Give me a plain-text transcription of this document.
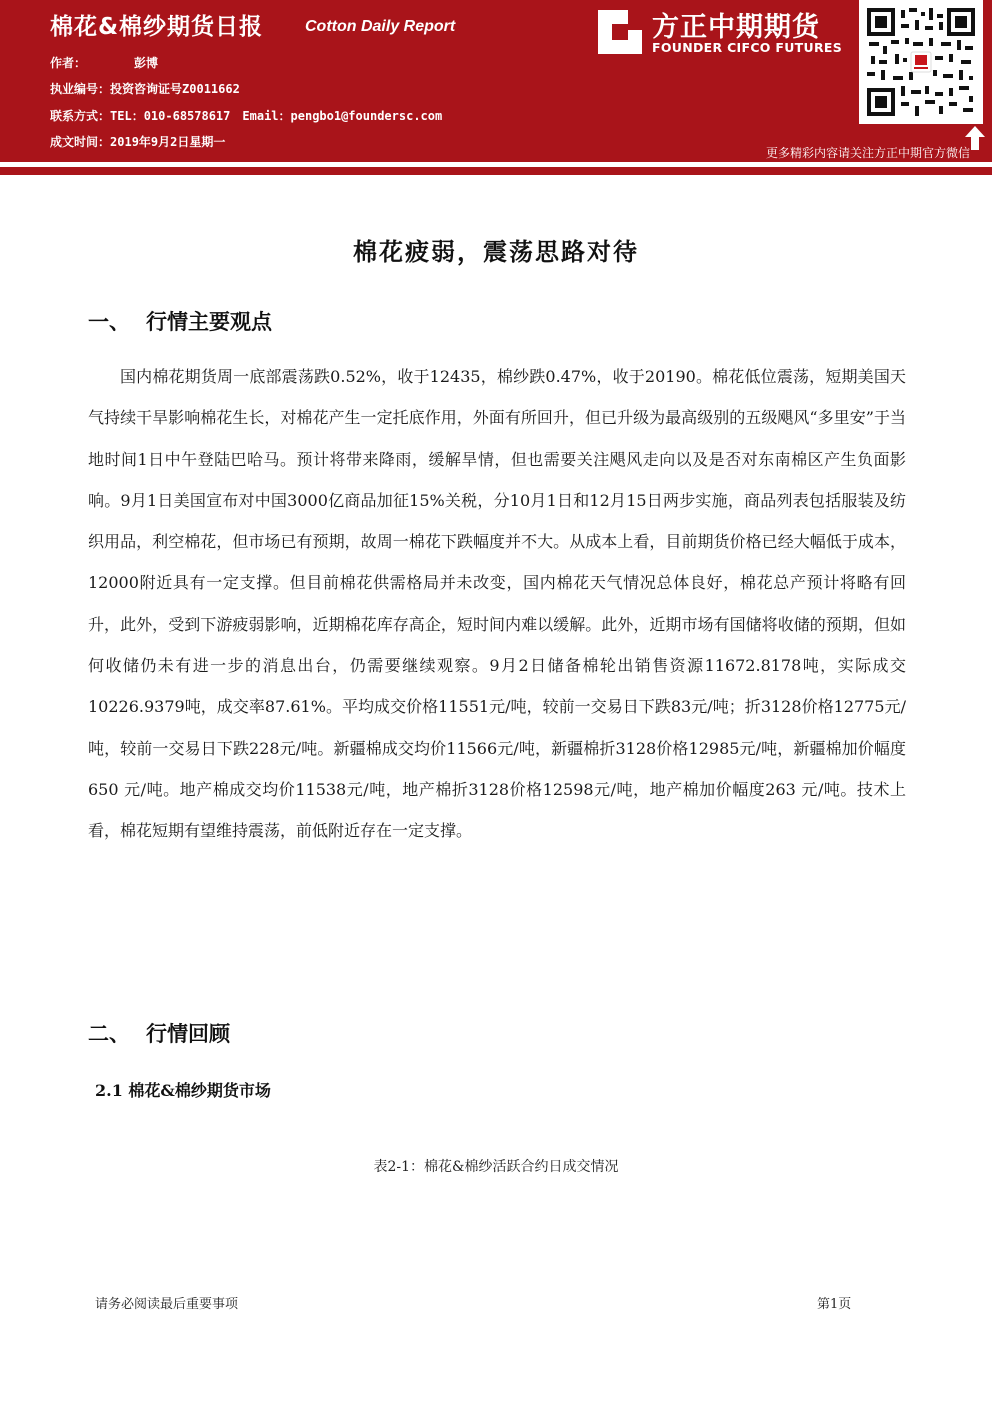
棉花&棉纱期货日报	Cotton Daily Report
作者：	彭博
执业编号：投资咨询证号Z0011662
联系方式：TEL：010-68578617 Email：pengbo1@foundersc.com
成文时间：2019年9月2日星期一
方正中期期货
FOUNDER CIFCO FUTURES
更多精彩内容请关注方正中期官方微信
棉花疲弱，震荡思路对待
一、 行情主要观点

国内棉花期货周一底部震荡跌0.52%，收于12435，棉纱跌0.47%，收于20190。棉花低位震荡，短期美国天气持续干旱影响棉花生长，对棉花产生一定托底作用，外面有所回升，但已升级为最高级别的五级飓风“多里安”于当地时间1日中午登陆巴哈马。预计将带来降雨，缓解旱情，但也需要关注飓风走向以及是否对东南棉区产生负面影响。9月1日美国宣布对中国3000亿商品加征15%关税，分10月1日和12月15日两步实施，商品列表包括服装及纺织用品，利空棉花，但市场已有预期，故周一棉花下跌幅度并不大。从成本上看，目前期货价格已经大幅低于成本，12000附近具有一定支撑。但目前棉花供需格局并未改变，国内棉花天气情况总体良好，棉花总产预计将略有回升，此外，受到下游疲弱影响，近期棉花库存高企，短时间内难以缓解。此外，近期市场有国储将收储的预期，但如何收储仍未有进一步的消息出台，仍需要继续观察。9月2日储备棉轮出销售资源11672.8178吨，实际成交10226.9379吨，成交率87.61%。平均成交价格11551元/吨，较前一交易日下跌83元/吨；折3128价格12775元/吨，较前一交易日下跌228元/吨。新疆棉成交均价11566元/吨，新疆棉折3128价格12985元/吨，新疆棉加价幅度650 元/吨。地产棉成交均价11538元/吨，地产棉折3128价格12598元/吨，地产棉加价幅度263 元/吨。技术上看，棉花短期有望维持震荡，前低附近存在一定支撑。

二、 行情回顾
2.1 棉花&棉纱期货市场
表2-1：棉花&棉纱活跃合约日成交情况
请务必阅读最后重要事项	第1页
